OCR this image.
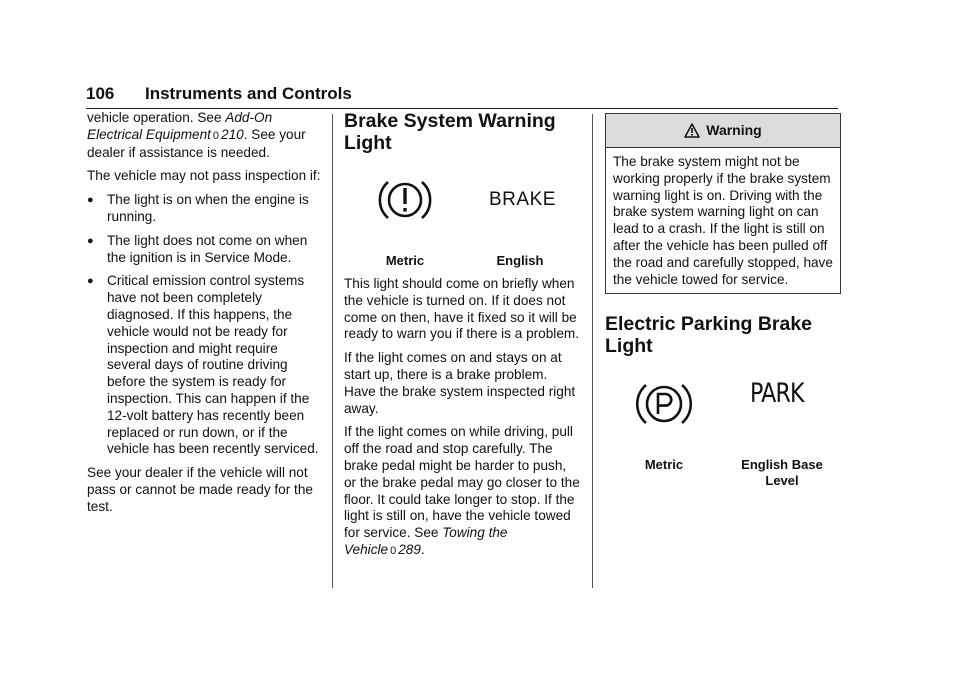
106 Instruments and Controls

vehicle operation. See Add-On Electrical Equipment 0 210. See your dealer if assistance is needed.

The vehicle may not pass inspection if:

● The light is on when the engine is running.
● The light does not come on when the ignition is in Service Mode.
● Critical emission control systems have not been completely diagnosed. If this happens, the vehicle would not be ready for inspection and might require several days of routine driving before the system is ready for inspection. This can happen if the 12-volt battery has recently been replaced or run down, or if the vehicle has been recently serviced.

See your dealer if the vehicle will not pass or cannot be made ready for the test.

Brake System Warning Light
BRAKE
Metric	English

This light should come on briefly when the vehicle is turned on. If it does not come on then, have it fixed so it will be ready to warn you if there is a problem.

If the light comes on and stays on at start up, there is a brake problem. Have the brake system inspected right away.

If the light comes on while driving, pull off the road and stop carefully. The brake pedal might be harder to push, or the brake pedal may go closer to the floor. It could take longer to stop. If the light is still on, have the vehicle towed for service. See Towing the Vehicle 0 289.

Warning
The brake system might not be working properly if the brake system warning light is on. Driving with the brake system warning light on can lead to a crash. If the light is still on after the vehicle has been pulled off the road and carefully stopped, have the vehicle towed for service.
Electric Parking Brake Light
PARK
Metric	English Base Level
